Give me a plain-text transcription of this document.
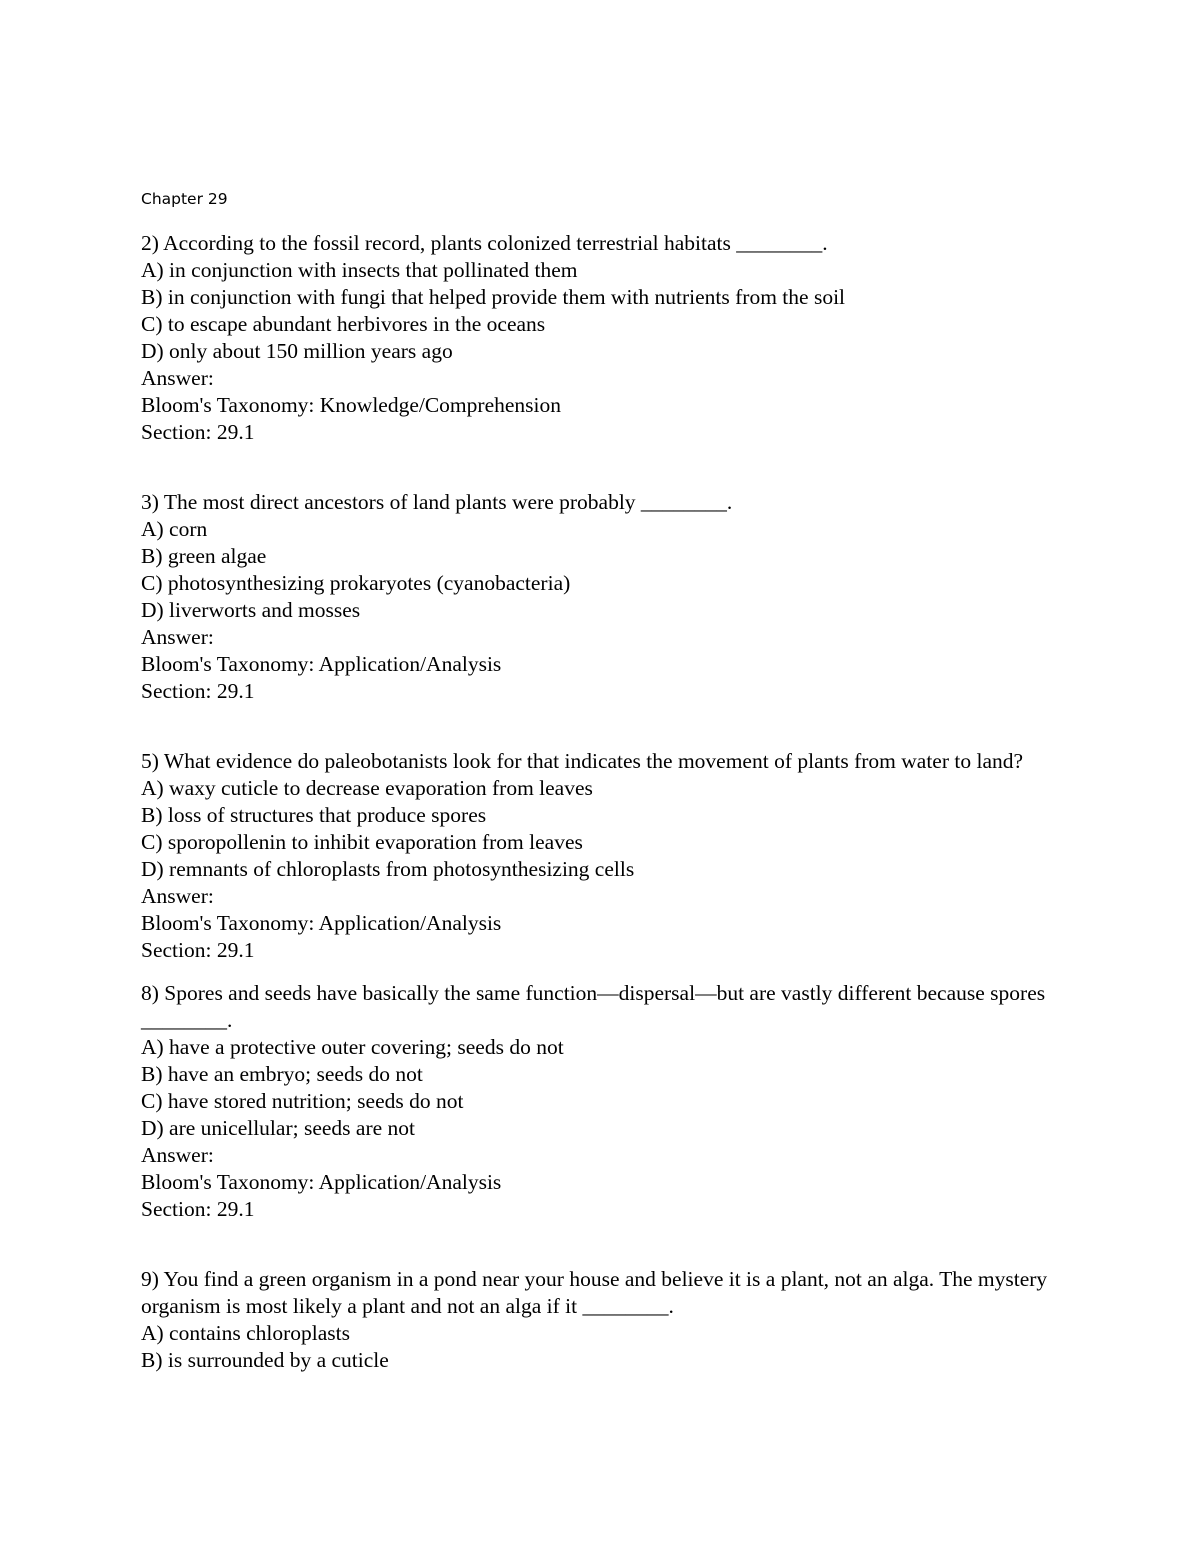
Chapter 29

2) According to the fossil record, plants colonized terrestrial habitats ________.

A) in conjunction with insects that pollinated them

B) in conjunction with fungi that helped provide them with nutrients from the soil

C) to escape abundant herbivores in the oceans

D) only about 150 million years ago

Answer:

Bloom's Taxonomy: Knowledge/Comprehension

Section: 29.1

3) The most direct ancestors of land plants were probably ________.

A) corn

B) green algae

C) photosynthesizing prokaryotes (cyanobacteria)

D) liverworts and mosses

Answer:

Bloom's Taxonomy: Application/Analysis

Section: 29.1

5) What evidence do paleobotanists look for that indicates the movement of plants from water to land?

A) waxy cuticle to decrease evaporation from leaves

B) loss of structures that produce spores

C) sporopollenin to inhibit evaporation from leaves

D) remnants of chloroplasts from photosynthesizing cells

Answer:

Bloom's Taxonomy: Application/Analysis

Section: 29.1

8) Spores and seeds have basically the same function—dispersal—but are vastly different because spores ________.

A) have a protective outer covering; seeds do not

B) have an embryo; seeds do not

C) have stored nutrition; seeds do not

D) are unicellular; seeds are not

Answer:

Bloom's Taxonomy: Application/Analysis

Section: 29.1

9) You find a green organism in a pond near your house and believe it is a plant, not an alga. The mystery organism is most likely a plant and not an alga if it ________.

A) contains chloroplasts

B) is surrounded by a cuticle
